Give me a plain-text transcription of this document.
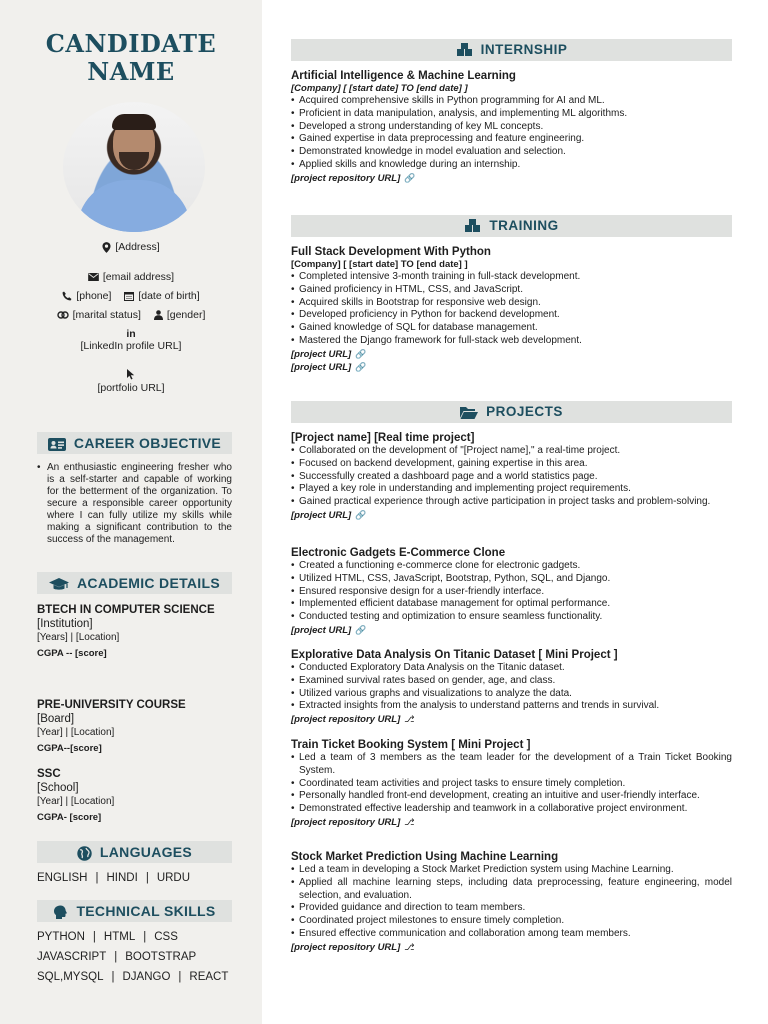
CANDIDATE
NAME
[Address]
[email address]
[phone]	[date of birth]
[marital status] [gender]
in
[LinkedIn profile URL]
[portfolio URL]
CAREER OBJECTIVE
• An enthusiastic engineering fresher who is a self-starter and capable of working for the betterment of the organization. To secure a responsible career opportunity where I can fully utilize my skills while making a significant contribution to the success of the management.
ACADEMIC DETAILS
BTECH IN COMPUTER SCIENCE
[Institution]
[Years] | [Location]
CGPA -- [score]
PRE-UNIVERSITY COURSE
[Board]
[Year] | [Location]
CGPA--[score]
SSC
[School]
[Year] | [Location]
CGPA- [score]
LANGUAGES
ENGLISH | HINDI | URDU
TECHNICAL SKILLS
PYTHON | HTML | CSS
JAVASCRIPT | BOOTSTRAP
SQL,MYSQL | DJANGO | REACT
INTERNSHIP
Artificial Intelligence & Machine Learning
[Company] [ [start date] TO [end date] ]
• Acquired comprehensive skills in Python programming for AI and ML.
• Proficient in data manipulation, analysis, and implementing ML algorithms.
• Developed a strong understanding of key ML concepts.
• Gained expertise in data preprocessing and feature engineering.
• Demonstrated knowledge in model evaluation and selection.
• Applied skills and knowledge during an internship.
[project repository URL] 🔗
TRAINING
Full Stack Development With Python
[Company] [ [start date] TO [end date] ]
• Completed intensive 3-month training in full-stack development.
• Gained proficiency in HTML, CSS, and JavaScript.
• Acquired skills in Bootstrap for responsive web design.
• Developed proficiency in Python for backend development.
• Gained knowledge of SQL for database management.
• Mastered the Django framework for full-stack web development.
[project URL] 🔗
[project URL] 🔗
PROJECTS
[Project name] [Real time project]
• Collaborated on the development of "[Project name]," a real-time project.
• Focused on backend development, gaining expertise in this area.
• Successfully created a dashboard page and a world statistics page.
• Played a key role in understanding and implementing project requirements.
• Gained practical experience through active participation in project tasks and problem-solving.
[project URL] 🔗
Electronic Gadgets E-Commerce Clone
• Created a functioning e-commerce clone for electronic gadgets.
• Utilized HTML, CSS, JavaScript, Bootstrap, Python, SQL, and Django.
• Ensured responsive design for a user-friendly interface.
• Implemented efficient database management for optimal performance.
• Conducted testing and optimization to ensure seamless functionality.
[project URL] 🔗
Explorative Data Analysis On Titanic Dataset [ Mini Project ]
• Conducted Exploratory Data Analysis on the Titanic dataset.
• Examined survival rates based on gender, age, and class.
• Utilized various graphs and visualizations to analyze the data.
• Extracted insights from the analysis to understand patterns and trends in survival.
[project repository URL] ⎇
Train Ticket Booking System [ Mini Project ]
• Led a team of 3 members as the team leader for the development of a Train Ticket Booking System.
• Coordinated team activities and project tasks to ensure timely completion.
• Personally handled front-end development, creating an intuitive and user-friendly interface.
• Demonstrated effective leadership and teamwork in a collaborative project environment.
[project repository URL] ⎇
Stock Market Prediction Using Machine Learning
• Led a team in developing a Stock Market Prediction system using Machine Learning.
• Applied all machine learning steps, including data preprocessing, feature engineering, model selection, and evaluation.
• Provided guidance and direction to team members.
• Coordinated project milestones to ensure timely completion.
• Ensured effective communication and collaboration among team members.
[project repository URL] ⎇
